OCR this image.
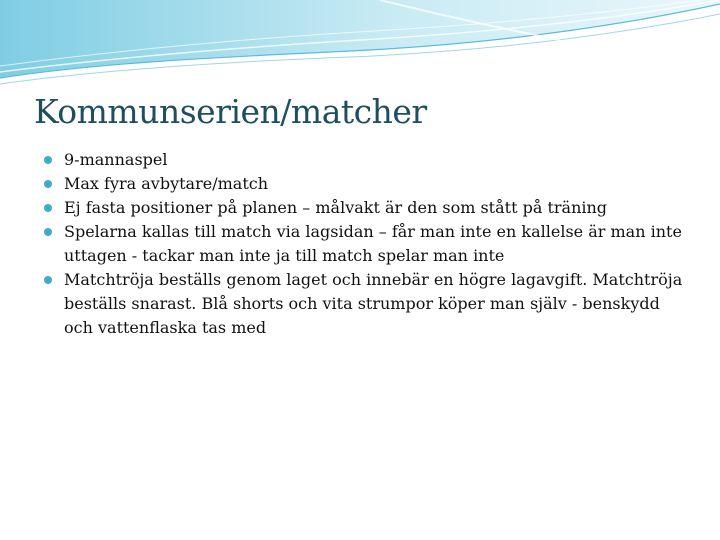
Kommunserien/matcher
9-mannaspel
Max fyra avbytare/match
Ej fasta positioner på planen – målvakt är den som stått på träning
Spelarna kallas till match via lagsidan – får man inte en kallelse är man inte uttagen - tackar man inte ja till match spelar man inte
Matchtröja beställs genom laget och innebär en högre lagavgift. Matchtröja beställs snarast. Blå shorts och vita strumpor köper man själv - benskydd och vattenflaska tas med
